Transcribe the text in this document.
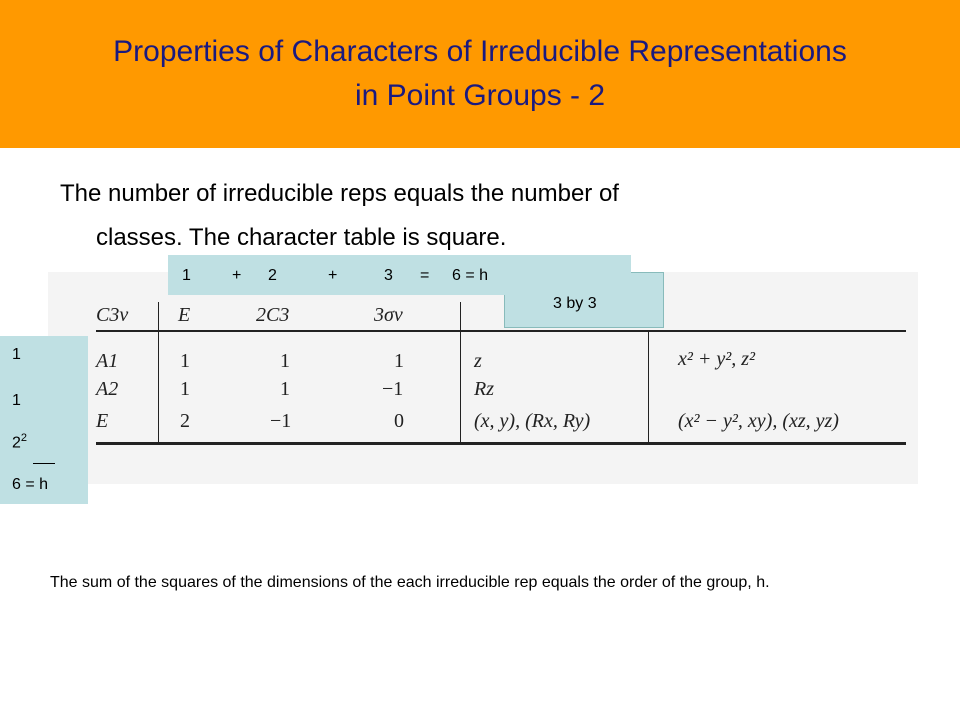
Properties of Characters of Irreducible Representations
in Point Groups - 2
The number of irreducible reps equals the number of
classes. The character table is square.
C3v E	2C3	3σv
A1	1	1	1	z	x² + y², z²
A2	1	1	−1	Rz
E	2	−1	0	(x, y), (Rx, Ry)	(x² − y², xy), (xz, yz)
3 by 3
1	+ 2	+	3 = 6 = h
1
1
$2^2$
6 = h
The sum of the squares of the dimensions of the each irreducible rep equals the order of the group, h.
